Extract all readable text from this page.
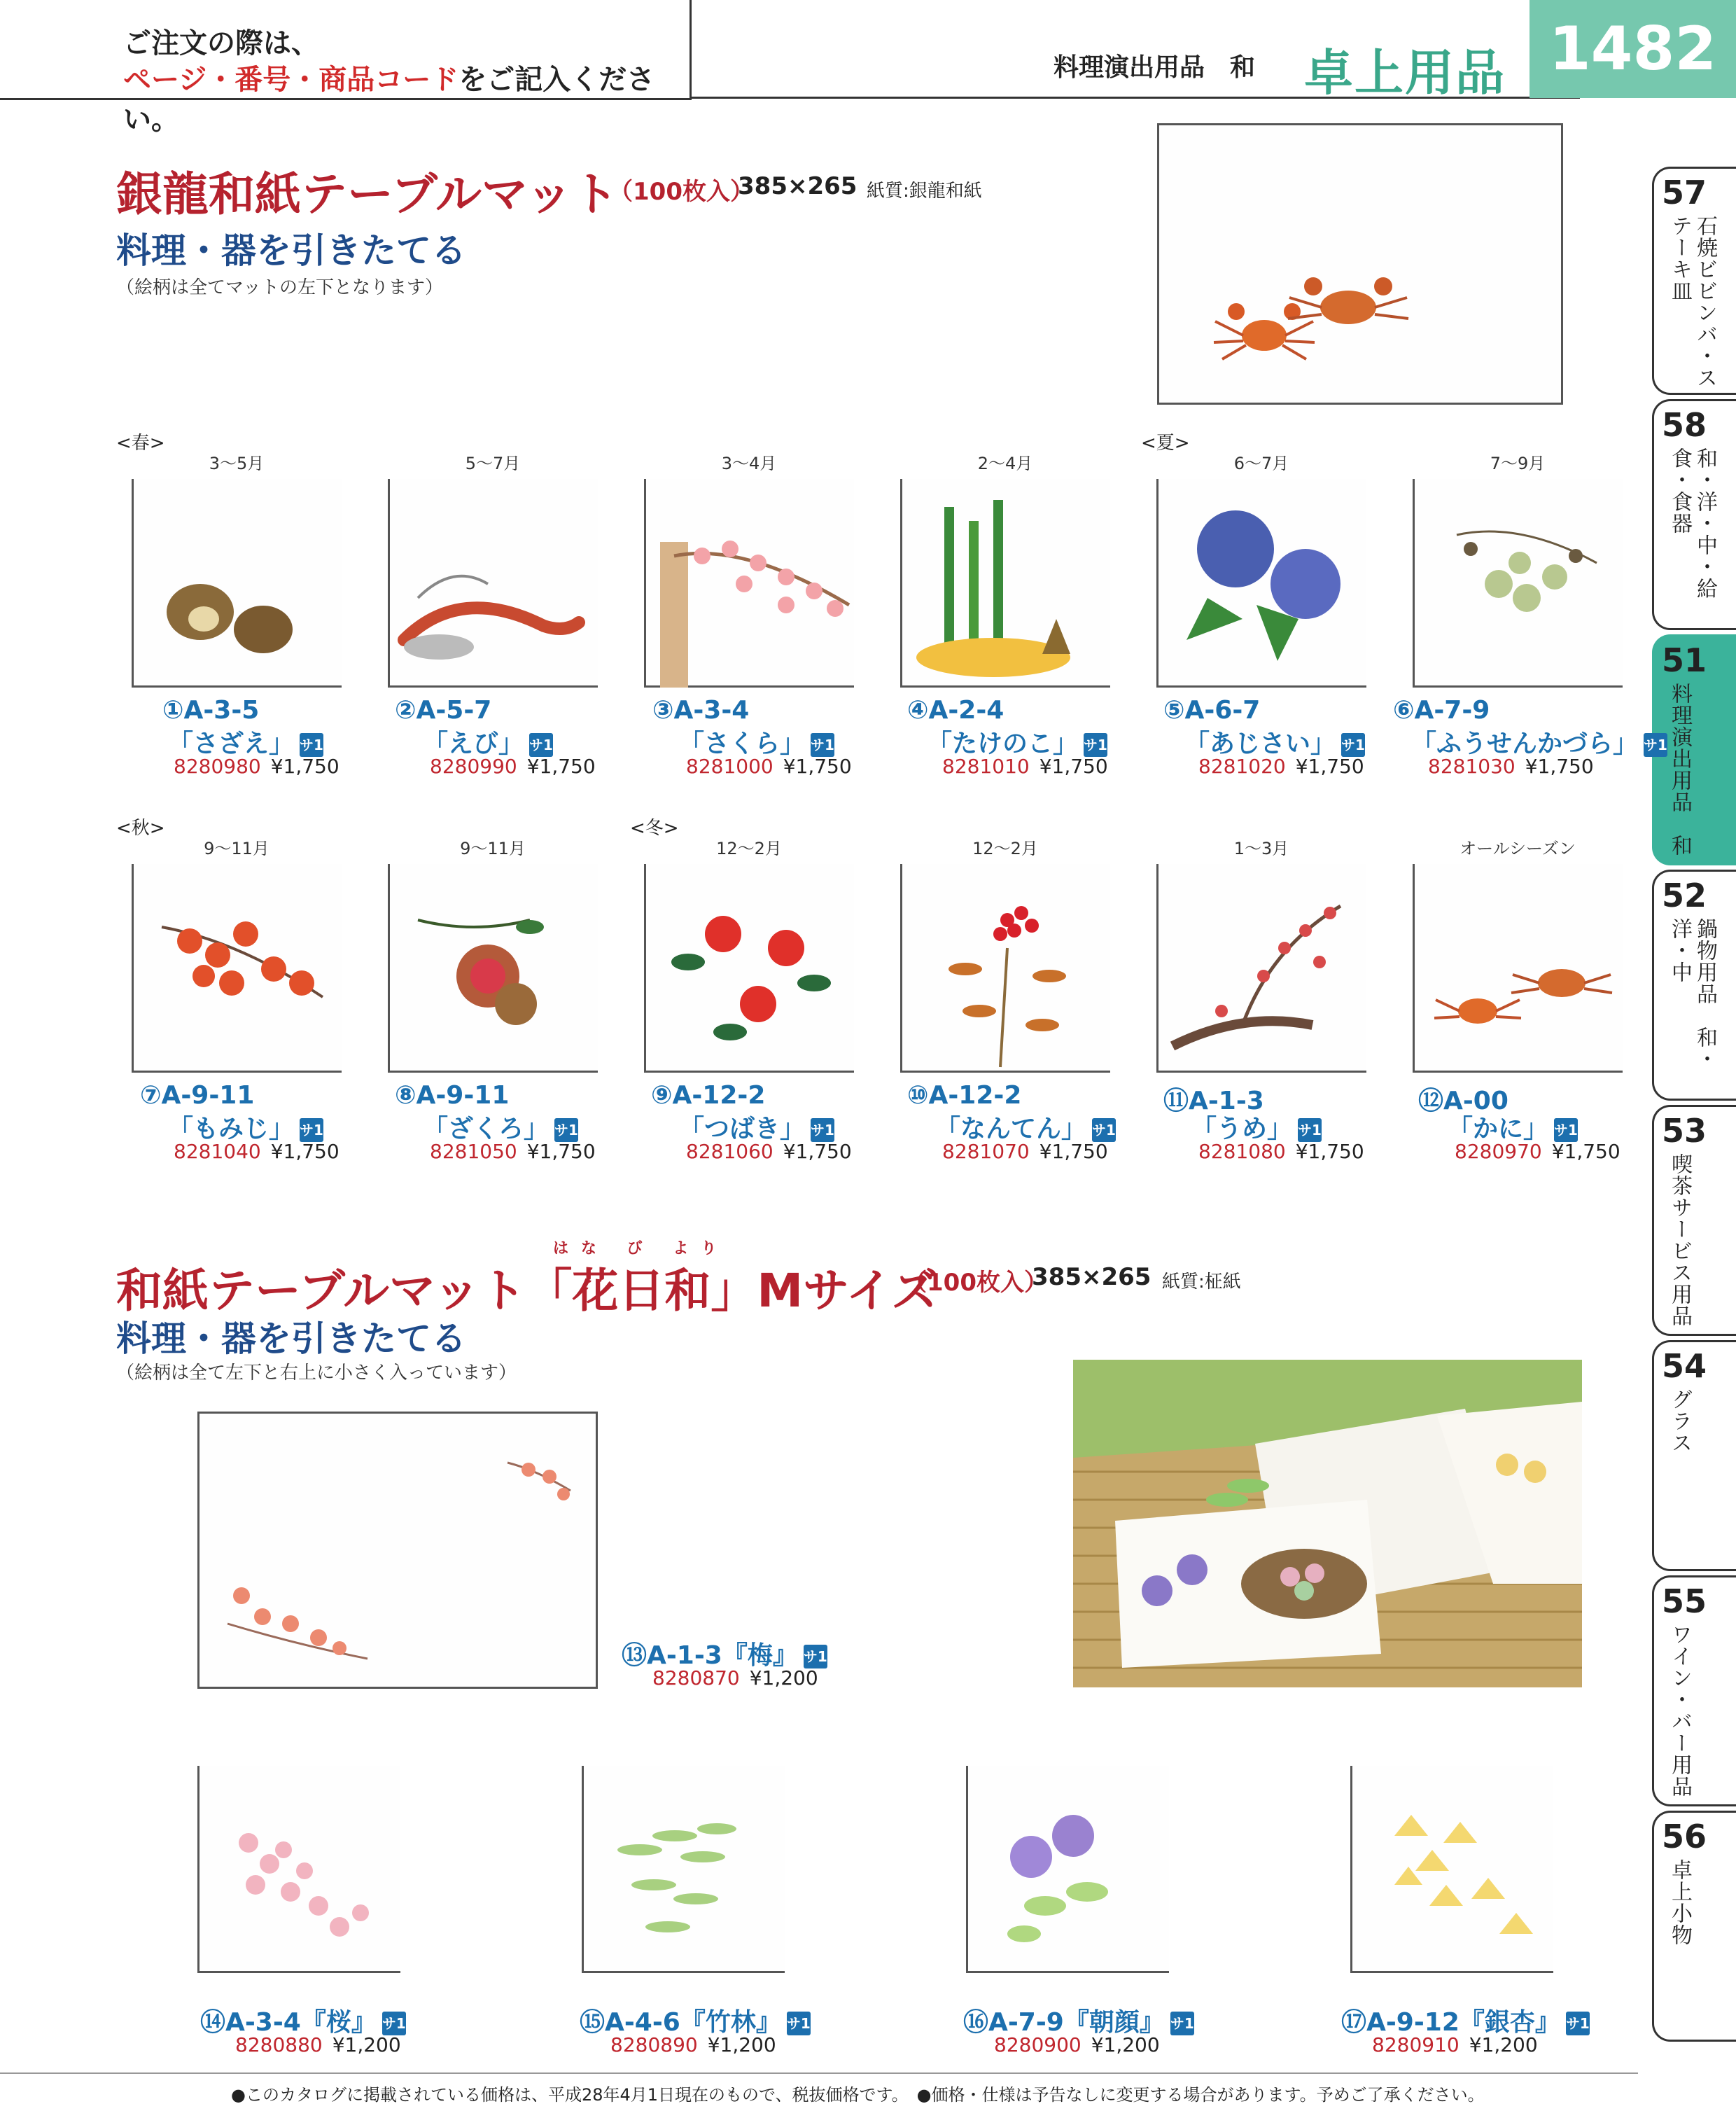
ご注文の際は、
ページ・番号・商品コードをご記入ください。
料理演出用品　和 卓上用品 1482
57
石焼ビビンバ・ステーキ皿
58
和・洋・中・給食・食器
51
料理演出用品　和
52
鍋物用品　和・洋・中
53
喫茶サービス用品
54
グラス
55
ワイン・バー用品
56
卓上小物
銀龍和紙テーブルマット
（100枚入）
385×265 紙質:銀龍和紙
料理・器を引きたてる
（絵柄は全てマットの左下となります）
<春>	<夏>
<秋>	<冬>
3～5月	5～7月	3～4月	2～4月	6～7月	7～9月
①A-3-5	②A-5-7	③A-3-4	④A-2-4	⑤A-6-7	⑥A-7-9
「さざえ」 サ1	「えび」 サ1	「さくら」 サ1	「たけのこ」 サ1	「あじさい」 サ1 「ふうせんかづら」 サ1
8280980 ¥1,750	8280990 ¥1,750	8281000 ¥1,750	8281010 ¥1,750	8281020 ¥1,750	8281030 ¥1,750
9～11月	9～11月	12～2月	12～2月	1～3月	オールシーズン
⑦A-9-11	⑧A-9-11	⑨A-12-2	⑩A-12-2	⑪A-1-3	⑫A-00
「もみじ」 サ1	「ざくろ」 サ1	「つばき」 サ1	「なんてん」 サ1	「うめ」 サ1	「かに」 サ1
8281040 ¥1,750	8281050 ¥1,750	8281060 ¥1,750	8281070 ¥1,750	8281080 ¥1,750	8280970 ¥1,750
はな び より
和紙テーブルマット「花日和」Mサイズ
（100枚入）
385×265 紙質:柾紙
料理・器を引きたてる
（絵柄は全て左下と右上に小さく入っています）
⑬A-1-3『梅』 サ1
8280870 ¥1,200
⑭A-3-4『桜』 サ1	⑮A-4-6『竹林』 サ1	⑯A-7-9『朝顔』 サ1	⑰A-9-12『銀杏』 サ1
8280880 ¥1,200	8280890 ¥1,200	8280900 ¥1,200	8280910 ¥1,200
●このカタログに掲載されている価格は、平成28年4月1日現在のもので、税抜価格です。　●価格・仕様は予告なしに変更する場合があります。予めご了承ください。
